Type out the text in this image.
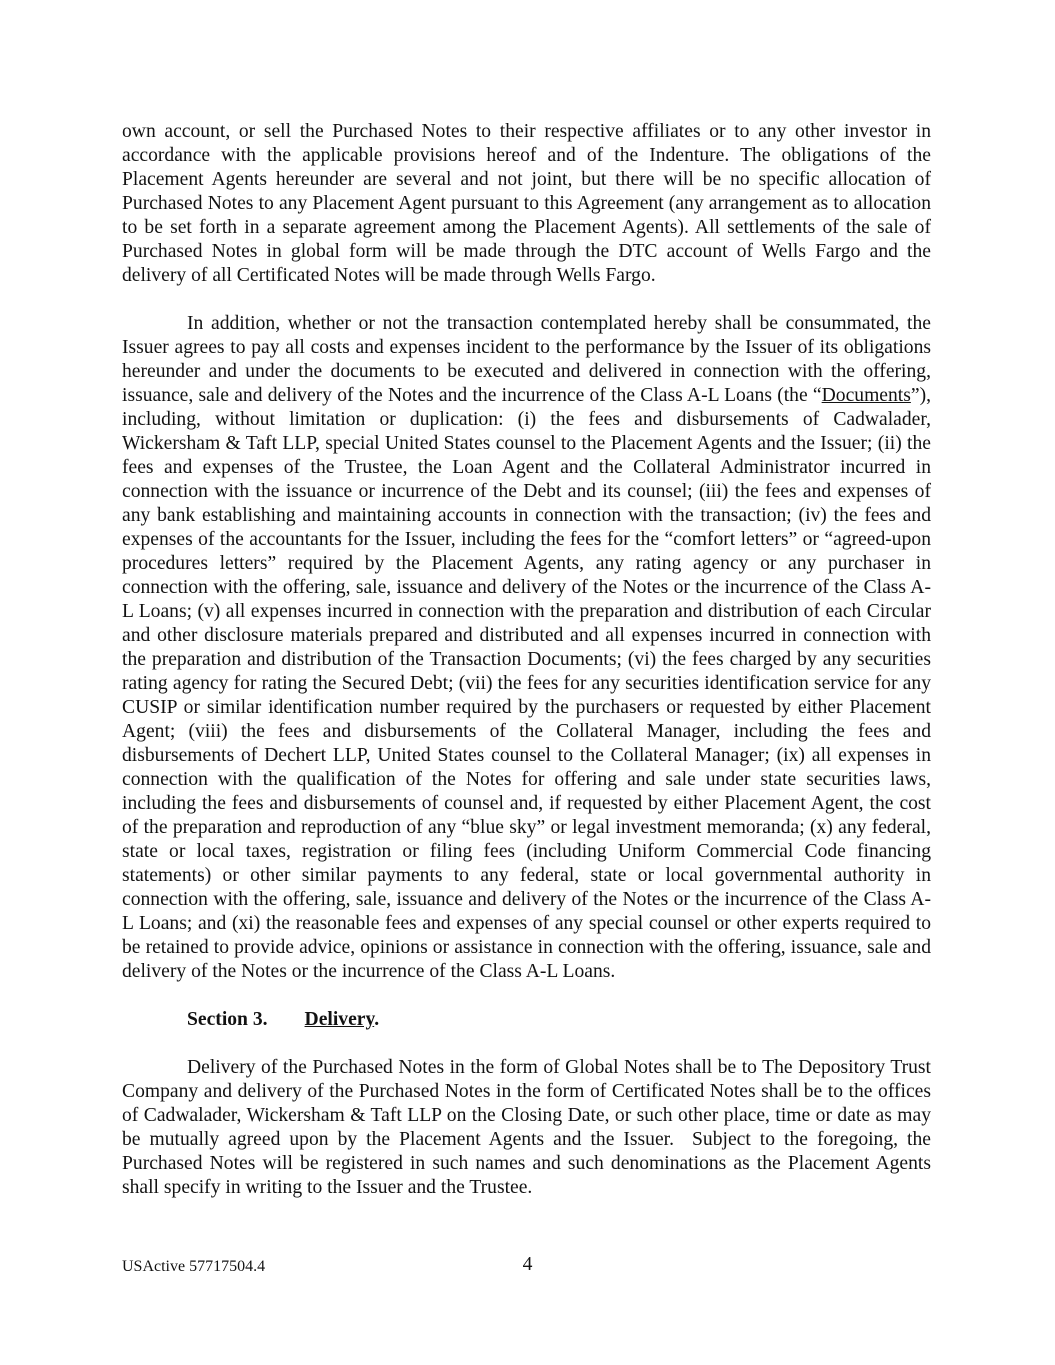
own account, or sell the Purchased Notes to their respective affiliates or to any other investor in accordance with the applicable provisions hereof and of the Indenture. The obligations of the Placement Agents hereunder are several and not joint, but there will be no specific allocation of Purchased Notes to any Placement Agent pursuant to this Agreement (any arrangement as to allocation to be set forth in a separate agreement among the Placement Agents). All settlements of the sale of Purchased Notes in global form will be made through the DTC account of Wells Fargo and the delivery of all Certificated Notes will be made through Wells Fargo.

In addition, whether or not the transaction contemplated hereby shall be consummated, the Issuer agrees to pay all costs and expenses incident to the performance by the Issuer of its obligations hereunder and under the documents to be executed and delivered in connection with the offering, issuance, sale and delivery of the Notes and the incurrence of the Class A-L Loans (the “Documents”), including, without limitation or duplication: (i) the fees and disbursements of Cadwalader, Wickersham & Taft LLP, special United States counsel to the Placement Agents and the Issuer; (ii) the fees and expenses of the Trustee, the Loan Agent and the Collateral Administrator incurred in connection with the issuance or incurrence of the Debt and its counsel; (iii) the fees and expenses of any bank establishing and maintaining accounts in connection with the transaction; (iv) the fees and expenses of the accountants for the Issuer, including the fees for the “comfort letters” or “agreed-upon procedures letters” required by the Placement Agents, any rating agency or any purchaser in connection with the offering, sale, issuance and delivery of the Notes or the incurrence of the Class A-L Loans; (v) all expenses incurred in connection with the preparation and distribution of each Circular and other disclosure materials prepared and distributed and all expenses incurred in connection with the preparation and distribution of the Transaction Documents; (vi) the fees charged by any securities rating agency for rating the Secured Debt; (vii) the fees for any securities identification service for any CUSIP or similar identification number required by the purchasers or requested by either Placement Agent; (viii) the fees and disbursements of the Collateral Manager, including the fees and disbursements of Dechert LLP, United States counsel to the Collateral Manager; (ix) all expenses in connection with the qualification of the Notes for offering and sale under state securities laws, including the fees and disbursements of counsel and, if requested by either Placement Agent, the cost of the preparation and reproduction of any “blue sky” or legal investment memoranda; (x) any federal, state or local taxes, registration or filing fees (including Uniform Commercial Code financing statements) or other similar payments to any federal, state or local governmental authority in connection with the offering, sale, issuance and delivery of the Notes or the incurrence of the Class A-L Loans; and (xi) the reasonable fees and expenses of any special counsel or other experts required to be retained to provide advice, opinions or assistance in connection with the offering, issuance, sale and delivery of the Notes or the incurrence of the Class A-L Loans.

Section 3. Delivery.

Delivery of the Purchased Notes in the form of Global Notes shall be to The Depository Trust Company and delivery of the Purchased Notes in the form of Certificated Notes shall be to the offices of Cadwalader, Wickersham & Taft LLP on the Closing Date, or such other place, time or date as may be mutually agreed upon by the Placement Agents and the Issuer.  Subject to the foregoing, the Purchased Notes will be registered in such names and such denominations as the Placement Agents shall specify in writing to the Issuer and the Trustee.

USActive 57717504.4	4
